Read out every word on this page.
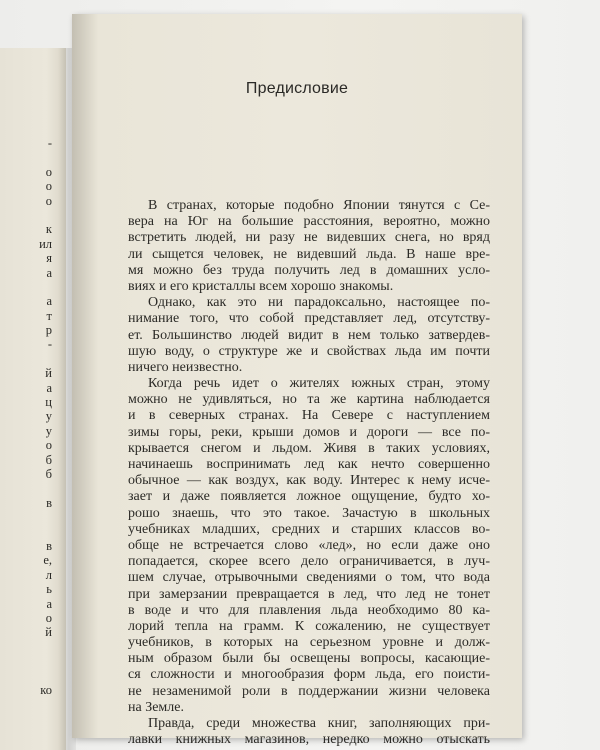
-
о
о
о
к
ил
я
а
а
т
р
-
й
а
ц
у
у
о
б
б
в
в
е,
л
ь
а
о
й
ко
Предисловие
В странах, которые подобно Японии тянутся с Се-
вера на Юг на большие расстояния, вероятно, можно
встретить людей, ни разу не видевших снега, но вряд
ли сыщется человек, не видевший льда. В наше вре-
мя можно без труда получить лед в домашних усло-
виях и его кристаллы всем хорошо знакомы.
Однако, как это ни парадоксально, настоящее по-
нимание того, что собой представляет лед, отсутству-
ет. Большинство людей видит в нем только затвердев-
шую воду, о структуре же и свойствах льда им почти
ничего неизвестно.
Когда речь идет о жителях южных стран, этому
можно не удивляться, но та же картина наблюдается
и в северных странах. На Севере с наступлением
зимы горы, реки, крыши домов и дороги — все по-
крывается снегом и льдом. Живя в таких условиях,
начинаешь воспринимать лед как нечто совершенно
обычное — как воздух, как воду. Интерес к нему исче-
зает и даже появляется ложное ощущение, будто хо-
рошо знаешь, что это такое. Зачастую в школьных
учебниках младших, средних и старших классов во-
обще не встречается слово «лед», но если даже оно
попадается, скорее всего дело ограничивается, в луч-
шем случае, отрывочными сведениями о том, что вода
при замерзании превращается в лед, что лед не тонет
в воде и что для плавления льда необходимо 80 ка-
лорий тепла на грамм. К сожалению, не существует
учебников, в которых на серьезном уровне и долж-
ным образом были бы освещены вопросы, касающие-
ся сложности и многообразия форм льда, его поисти-
не незаменимой роли в поддержании жизни человека
на Земле.
Правда, среди множества книг, заполняющих при-
лавки книжных магазинов, нередко можно отыскать
